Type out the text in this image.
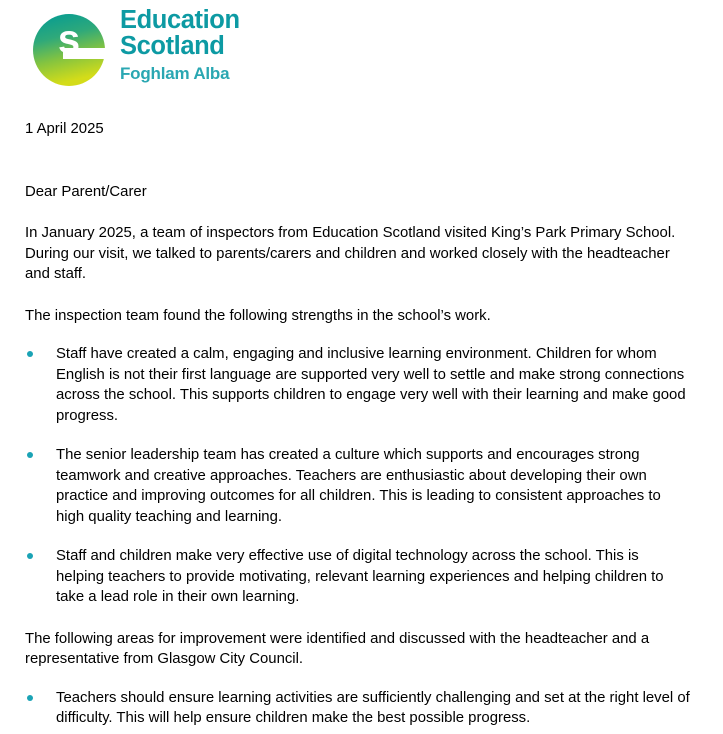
s Education
Scotland
Foghlam Alba

1 April 2025

Dear Parent/Carer

In January 2025, a team of inspectors from Education Scotland visited King’s Park Primary School. During our visit, we talked to parents/carers and children and worked closely with the headteacher and staff.

The inspection team found the following strengths in the school’s work.

Staff have created a calm, engaging and inclusive learning environment. Children for whom English is not their first language are supported very well to settle and make strong connections across the school. This supports children to engage very well with their learning and make good progress.
The senior leadership team has created a culture which supports and encourages strong teamwork and creative approaches. Teachers are enthusiastic about developing their own practice and improving outcomes for all children. This is leading to consistent approaches to high quality teaching and learning.
Staff and children make very effective use of digital technology across the school. This is helping teachers to provide motivating, relevant learning experiences and helping children to take a lead role in their own learning.

The following areas for improvement were identified and discussed with the headteacher and a representative from Glasgow City Council.

Teachers should ensure learning activities are sufficiently challenging and set at the right level of difficulty. This will help ensure children make the best possible progress.
